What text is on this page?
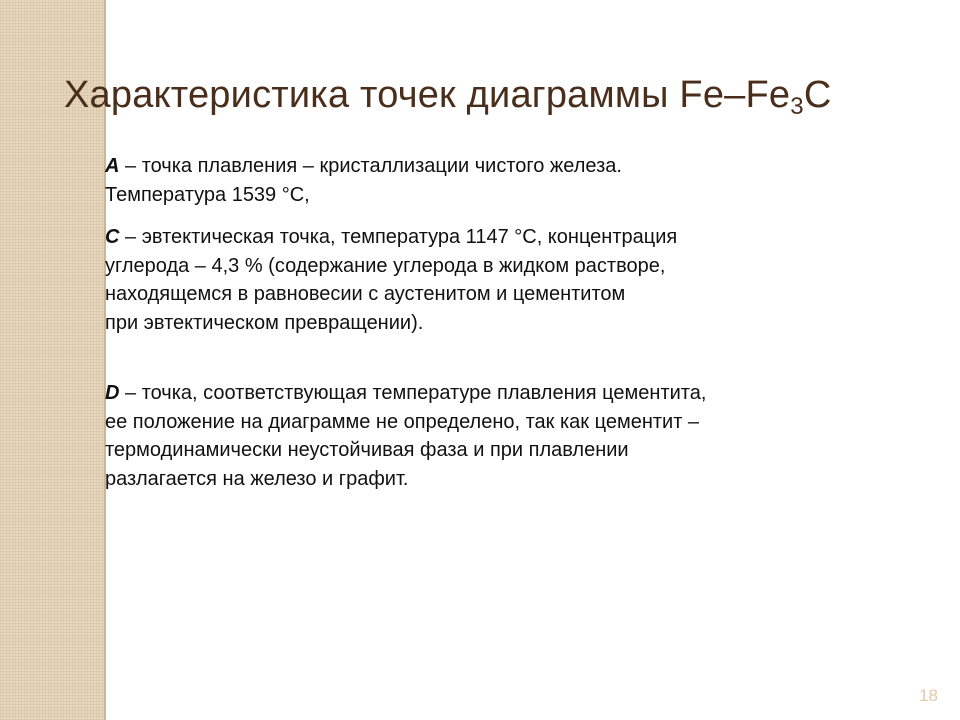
Характеристика точек диаграммы $Fe-Fe_3C$

А – точка плавления – кристаллизации чистого железа.
Температура 1539 °С,

С – эвтектическая точка, температура 1147 °С, концентрация
углерода – 4,3 % (содержание углерода в жидком растворе,
находящемся в равновесии с аустенитом и цементитом
при эвтектическом превращении).

D – точка, соответствующая температуре плавления цементита,
ее положение на диаграмме не определено, так как цементит –
термодинамически неустойчивая фаза и при плавлении
разлагается на железо и графит.

18
